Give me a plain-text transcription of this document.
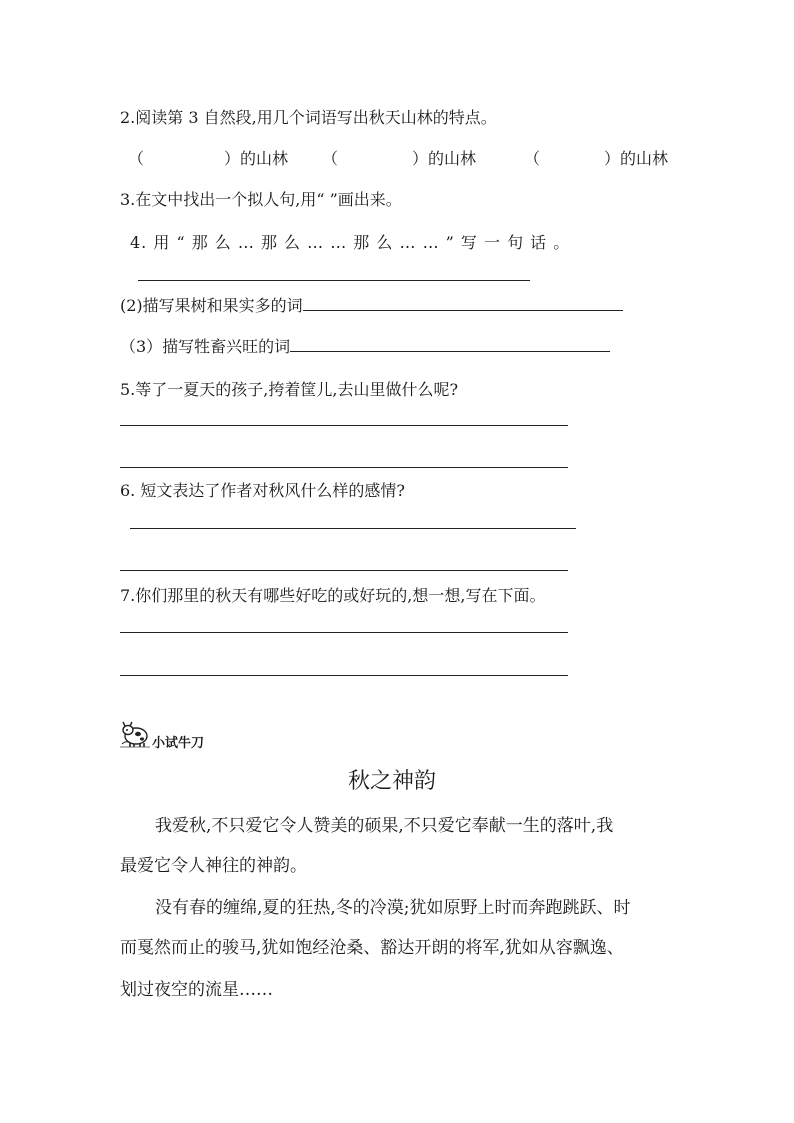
2.阅读第 3 自然段,用几个词语写出秋天山林的特点。
（	）的山林 （	）的山林	（	）的山林
3.在文中找出一个拟人句,用“ ”画出来。
4. 用 “ 那 么 … 那 么 … … 那 么 … … ” 写 一 句 话 。
(2)描写果树和果实多的词
（3）描写牲畜兴旺的词
5.等了一夏天的孩子,挎着筐儿,去山里做什么呢?
6. 短文表达了作者对秋风什么样的感情?
7.你们那里的秋天有哪些好吃的或好玩的,想一想,写在下面。
小试牛刀
秋之神韵
我爱秋,不只爱它令人赞美的硕果,不只爱它奉献一生的落叶,我
最爱它令人神往的神韵。
没有春的缠绵,夏的狂热,冬的冷漠;犹如原野上时而奔跑跳跃、时
而戛然而止的骏马,犹如饱经沧桑、豁达开朗的将军,犹如从容飘逸、
划过夜空的流星……
